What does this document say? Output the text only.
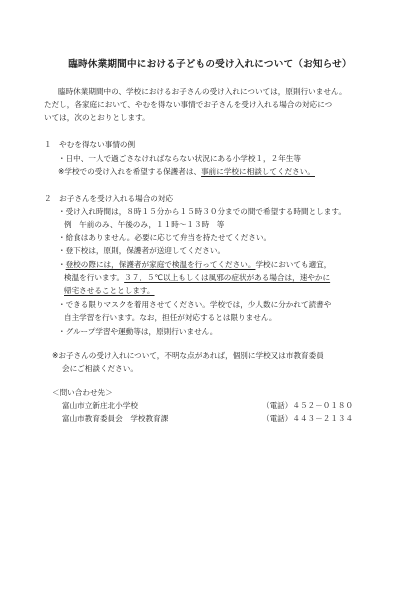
臨時休業期間中における子どもの受け入れについて（お知らせ）
臨時休業期間中の、学校におけるお子さんの受け入れについては，原則行いません。
ただし，各家庭において、やむを得ない事情でお子さんを受け入れる場合の対応につ
いては，次のとおりとします。
１　やむを得ない事情の例
・日中、一人で過ごさなければならない状況にある小学校１，２年生等
※学校での受け入れを希望する保護者は、事前に学校に相談してください。
２　お子さんを受け入れる場合の対応
・受け入れ時間は，８時１５分から１５時３０分までの間で希望する時間とします。
例　午前のみ、午後のみ，１１時～１３時　等
・給食はありません。必要に応じて弁当を持たせてください。
・登下校は，原則，保護者が送迎してください。
・登校の際には，保護者が家庭で検温を行ってください。学校においても適宜，
検温を行います。３７．５℃以上もしくは風邪の症状がある場合は，速やかに
帰宅させることとします。
・できる限りマスクを着用させてください。学校では，少人数に分かれて読書や
自主学習を行います。なお，担任が対応するとは限りません。
・グループ学習や運動等は，原則行いません。
※お子さんの受け入れについて，不明な点があれば，個別に学校又は市教育委員
会にご相談ください。
＜問い合わせ先＞
富山市立新庄北小学校	（電話）４５２－０１８０
富山市教育委員会　学校教育課	（電話）４４３－２１３４
